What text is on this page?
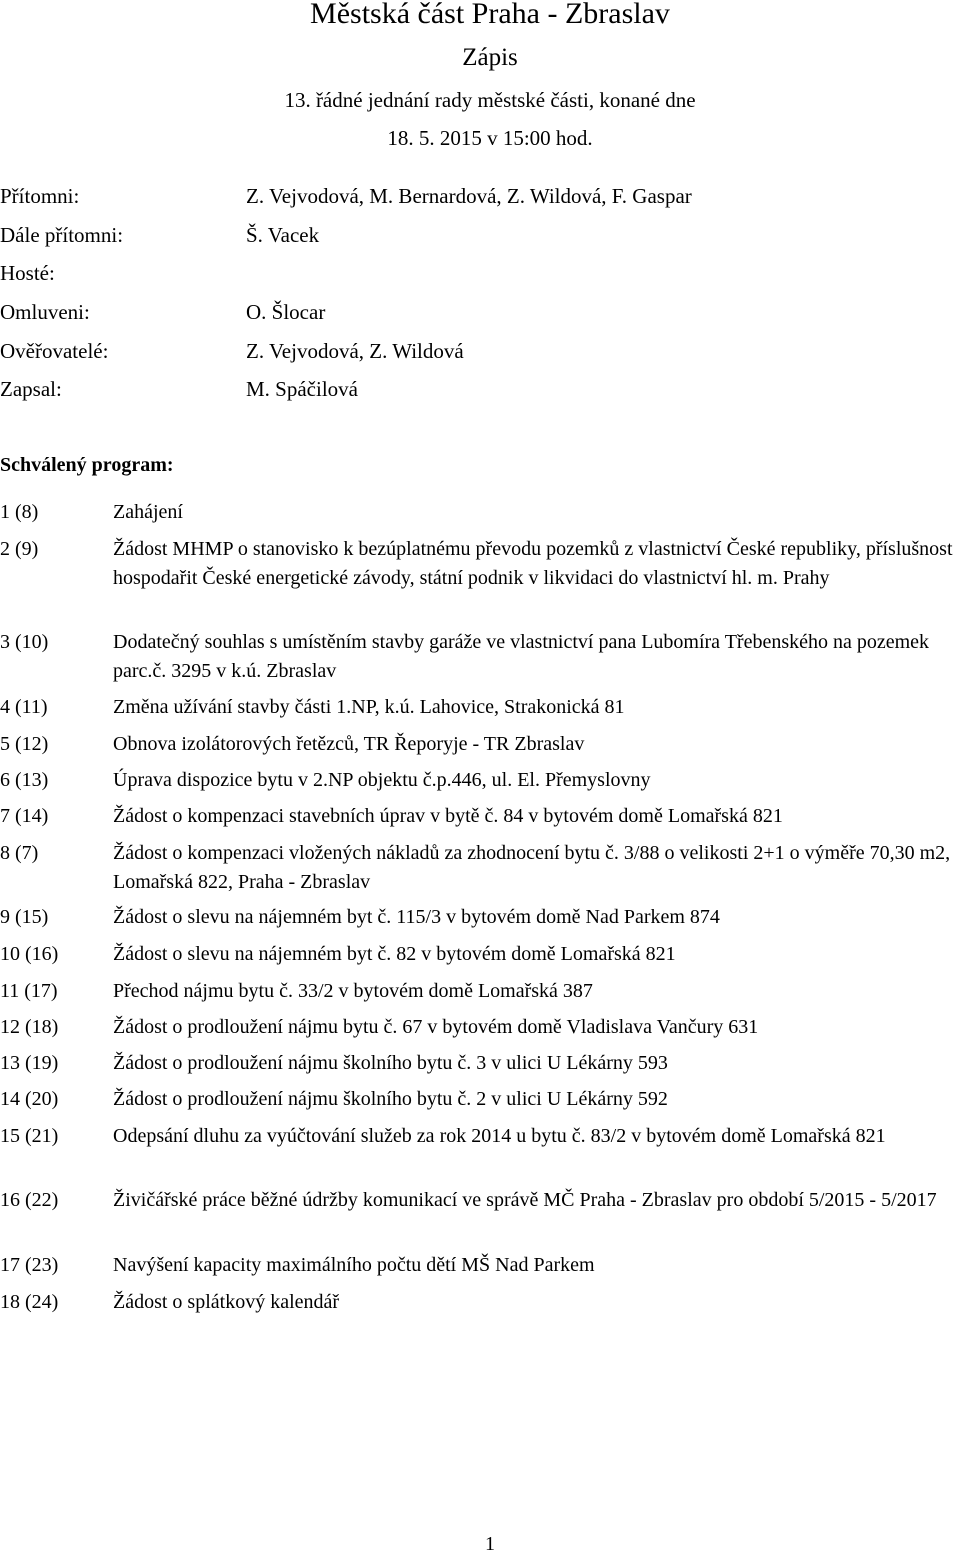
Městská část Praha - Zbraslav
Zápis
13. řádné jednání rady městské části, konané dne
18. 5. 2015 v 15:00 hod.
Přítomni:	Z. Vejvodová, M. Bernardová, Z. Wildová, F. Gaspar
Dále přítomni:	Š. Vacek
Hosté:
Omluveni:	O. Šlocar
Ověřovatelé:	Z. Vejvodová, Z. Wildová
Zapsal:	M. Spáčilová
Schválený program:
1 (8)	Zahájení
2 (9)	Žádost MHMP o stanovisko k bezúplatnému převodu pozemků z vlastnictví České republiky, příslušnost hospodařit České energetické závody, státní podnik v likvidaci do vlastnictví hl. m. Prahy
3 (10)	Dodatečný souhlas s umístěním stavby garáže ve vlastnictví pana Lubomíra Třebenského na pozemek parc.č. 3295 v k.ú. Zbraslav
4 (11)	Změna užívání stavby části 1.NP, k.ú. Lahovice, Strakonická 81
5 (12)	Obnova izolátorových řetězců, TR Řeporyje - TR Zbraslav
6 (13)	Úprava dispozice bytu v 2.NP objektu č.p.446, ul. El. Přemyslovny
7 (14)	Žádost o kompenzaci stavebních úprav v bytě č. 84 v bytovém domě Lomařská 821
8 (7)	Žádost o kompenzaci vložených nákladů za zhodnocení bytu č. 3/88 o velikosti 2+1 o výměře 70,30 m2, Lomařská 822, Praha - Zbraslav
9 (15)	Žádost o slevu na nájemném byt č. 115/3 v bytovém domě Nad Parkem 874
10 (16)	Žádost o slevu na nájemném byt č. 82 v bytovém domě Lomařská 821
11 (17)	Přechod nájmu bytu č. 33/2 v bytovém domě Lomařská 387
12 (18)	Žádost o prodloužení nájmu bytu č. 67 v bytovém domě Vladislava Vančury 631
13 (19)	Žádost o prodloužení nájmu školního bytu č. 3 v ulici U Lékárny 593
14 (20)	Žádost o prodloužení nájmu školního bytu č. 2 v ulici U Lékárny 592
15 (21)	Odepsání dluhu za vyúčtování služeb za rok 2014 u bytu č. 83/2 v bytovém domě Lomařská 821
16 (22)	Živičářské práce běžné údržby komunikací ve správě MČ Praha - Zbraslav pro období 5/2015 - 5/2017
17 (23)	Navýšení kapacity maximálního počtu dětí MŠ Nad Parkem
18 (24)	Žádost o splátkový kalendář
1
